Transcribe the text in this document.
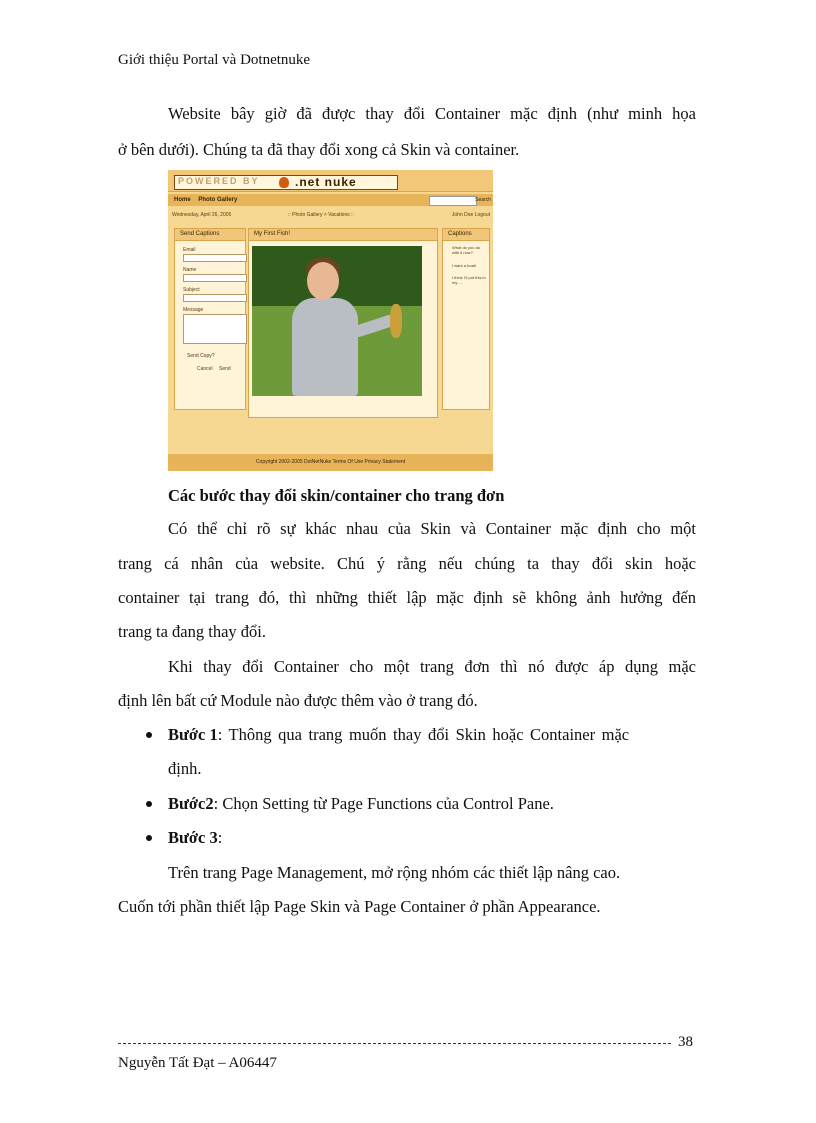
Giới thiệu Portal và Dotnetnuke
Website bây giờ đã được thay đổi Container mặc định (như minh họa
ở bên dưới). Chúng ta đã thay đổi xong cả Skin và container.
POWERED BY	.net nuke
Home Photo Gallery	Search
Wednesday, April 26, 2005	:: Photo Gallery > Vacations ::	John Doe Logout
Send Captions
Email
Name
Subject
Message
Send Copy?
Cancel Send
My First Fish!	Captions
What do you do with it now?
I want a boat!
I think I'll put this in my ...
Copyright 2002-2005 DotNetNuke Terms Of Use Privacy Statement
Các bước thay đổi skin/container cho trang đơn
Có thể chỉ rõ sự khác nhau của Skin và Container mặc định cho một
trang cá nhân của website. Chú ý rằng nếu chúng ta thay đổi skin hoặc
container tại trang đó, thì những thiết lập mặc định sẽ không ảnh hưởng đến
trang ta đang thay đổi.
Khi thay đổi Container cho một trang đơn thì nó được áp dụng mặc
định lên bất cứ Module nào được thêm vào ở trang đó.
Bước 1 : Thông qua trang muốn thay đổi Skin hoặc Container mặc
định.
Bước2: Chọn Setting từ Page Functions của Control Pane.
Bước 3:
Trên trang Page Management, mở rộng nhóm các thiết lập nâng cao.
Cuốn tới phần thiết lập Page Skin và Page Container ở phần Appearance.
38
Nguyễn Tất Đạt – A06447
